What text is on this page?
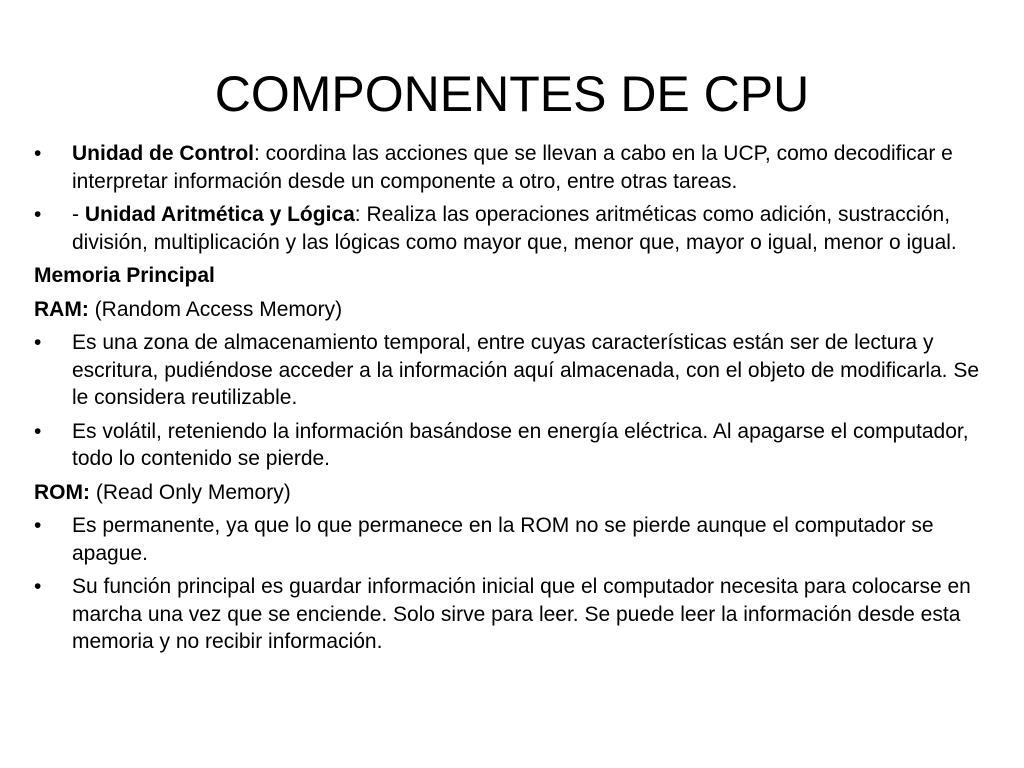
COMPONENTES DE CPU
•	Unidad de Control: coordina las acciones que se llevan a cabo en la UCP, como decodificar e interpretar información desde un componente a otro, entre otras tareas.
•	- Unidad Aritmética y Lógica: Realiza las operaciones aritméticas como adición, sustracción, división, multiplicación y las lógicas como mayor que, menor que, mayor o igual, menor o igual.
Memoria Principal
RAM: (Random Access Memory)
•	Es una zona de almacenamiento temporal, entre cuyas características están ser de lectura y escritura, pudiéndose acceder a la información aquí almacenada, con el objeto de modificarla. Se le considera reutilizable.
•	Es volátil, reteniendo la información basándose en energía eléctrica. Al apagarse el computador, todo lo contenido se pierde.
ROM: (Read Only Memory)
•	Es permanente, ya que lo que permanece en la ROM no se pierde aunque el computador se apague.
•	Su función principal es guardar información inicial que el computador necesita para colocarse en marcha una vez que se enciende. Solo sirve para leer. Se puede leer la información desde esta memoria y no recibir información.
